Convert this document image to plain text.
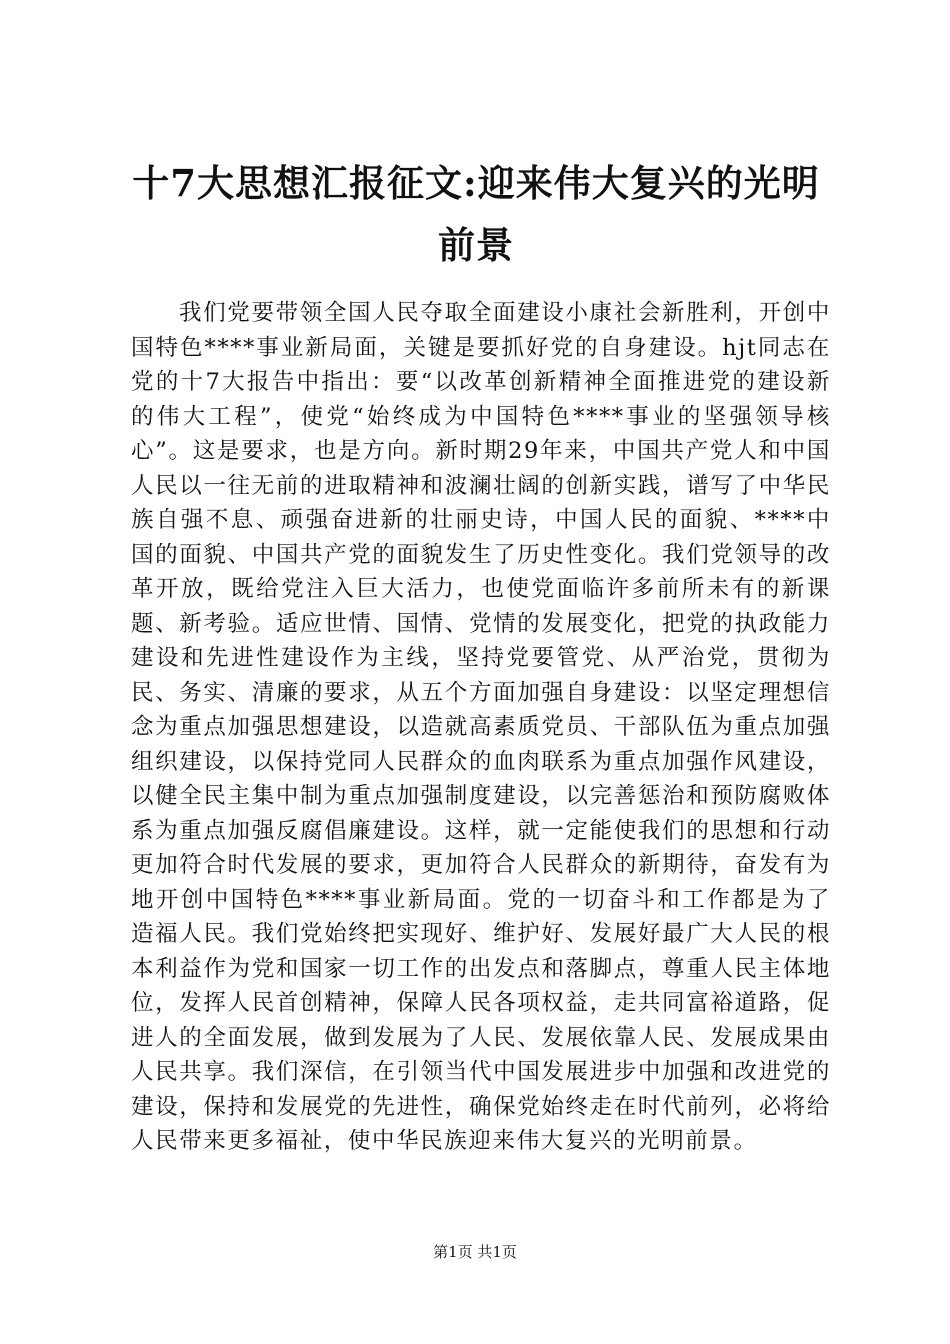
十7大思想汇报征文:迎来伟大复兴的光明前景

我们党要带领全国人民夺取全面建设小康社会新胜利，开创中国特色****事业新局面，关键是要抓好党的自身建设。hjt同志在党的十7大报告中指出：要“以改革创新精神全面推进党的建设新的伟大工程”，使党“始终成为中国特色****事业的坚强领导核心”。这是要求，也是方向。新时期29年来，中国共产党人和中国人民以一往无前的进取精神和波澜壮阔的创新实践，谱写了中华民族自强不息、顽强奋进新的壮丽史诗，中国人民的面貌、****中国的面貌、中国共产党的面貌发生了历史性变化。我们党领导的改革开放，既给党注入巨大活力，也使党面临许多前所未有的新课题、新考验。适应世情、国情、党情的发展变化，把党的执政能力建设和先进性建设作为主线，坚持党要管党、从严治党，贯彻为民、务实、清廉的要求，从五个方面加强自身建设：以坚定理想信念为重点加强思想建设，以造就高素质党员、干部队伍为重点加强组织建设，以保持党同人民群众的血肉联系为重点加强作风建设，以健全民主集中制为重点加强制度建设，以完善惩治和预防腐败体系为重点加强反腐倡廉建设。这样，就一定能使我们的思想和行动更加符合时代发展的要求，更加符合人民群众的新期待，奋发有为地开创中国特色****事业新局面。党的一切奋斗和工作都是为了造福人民。我们党始终把实现好、维护好、发展好最广大人民的根本利益作为党和国家一切工作的出发点和落脚点，尊重人民主体地位，发挥人民首创精神，保障人民各项权益，走共同富裕道路，促进人的全面发展，做到发展为了人民、发展依靠人民、发展成果由人民共享。我们深信，在引领当代中国发展进步中加强和改进党的建设，保持和发展党的先进性，确保党始终走在时代前列，必将给人民带来更多福祉，使中华民族迎来伟大复兴的光明前景。

第1页 共1页
